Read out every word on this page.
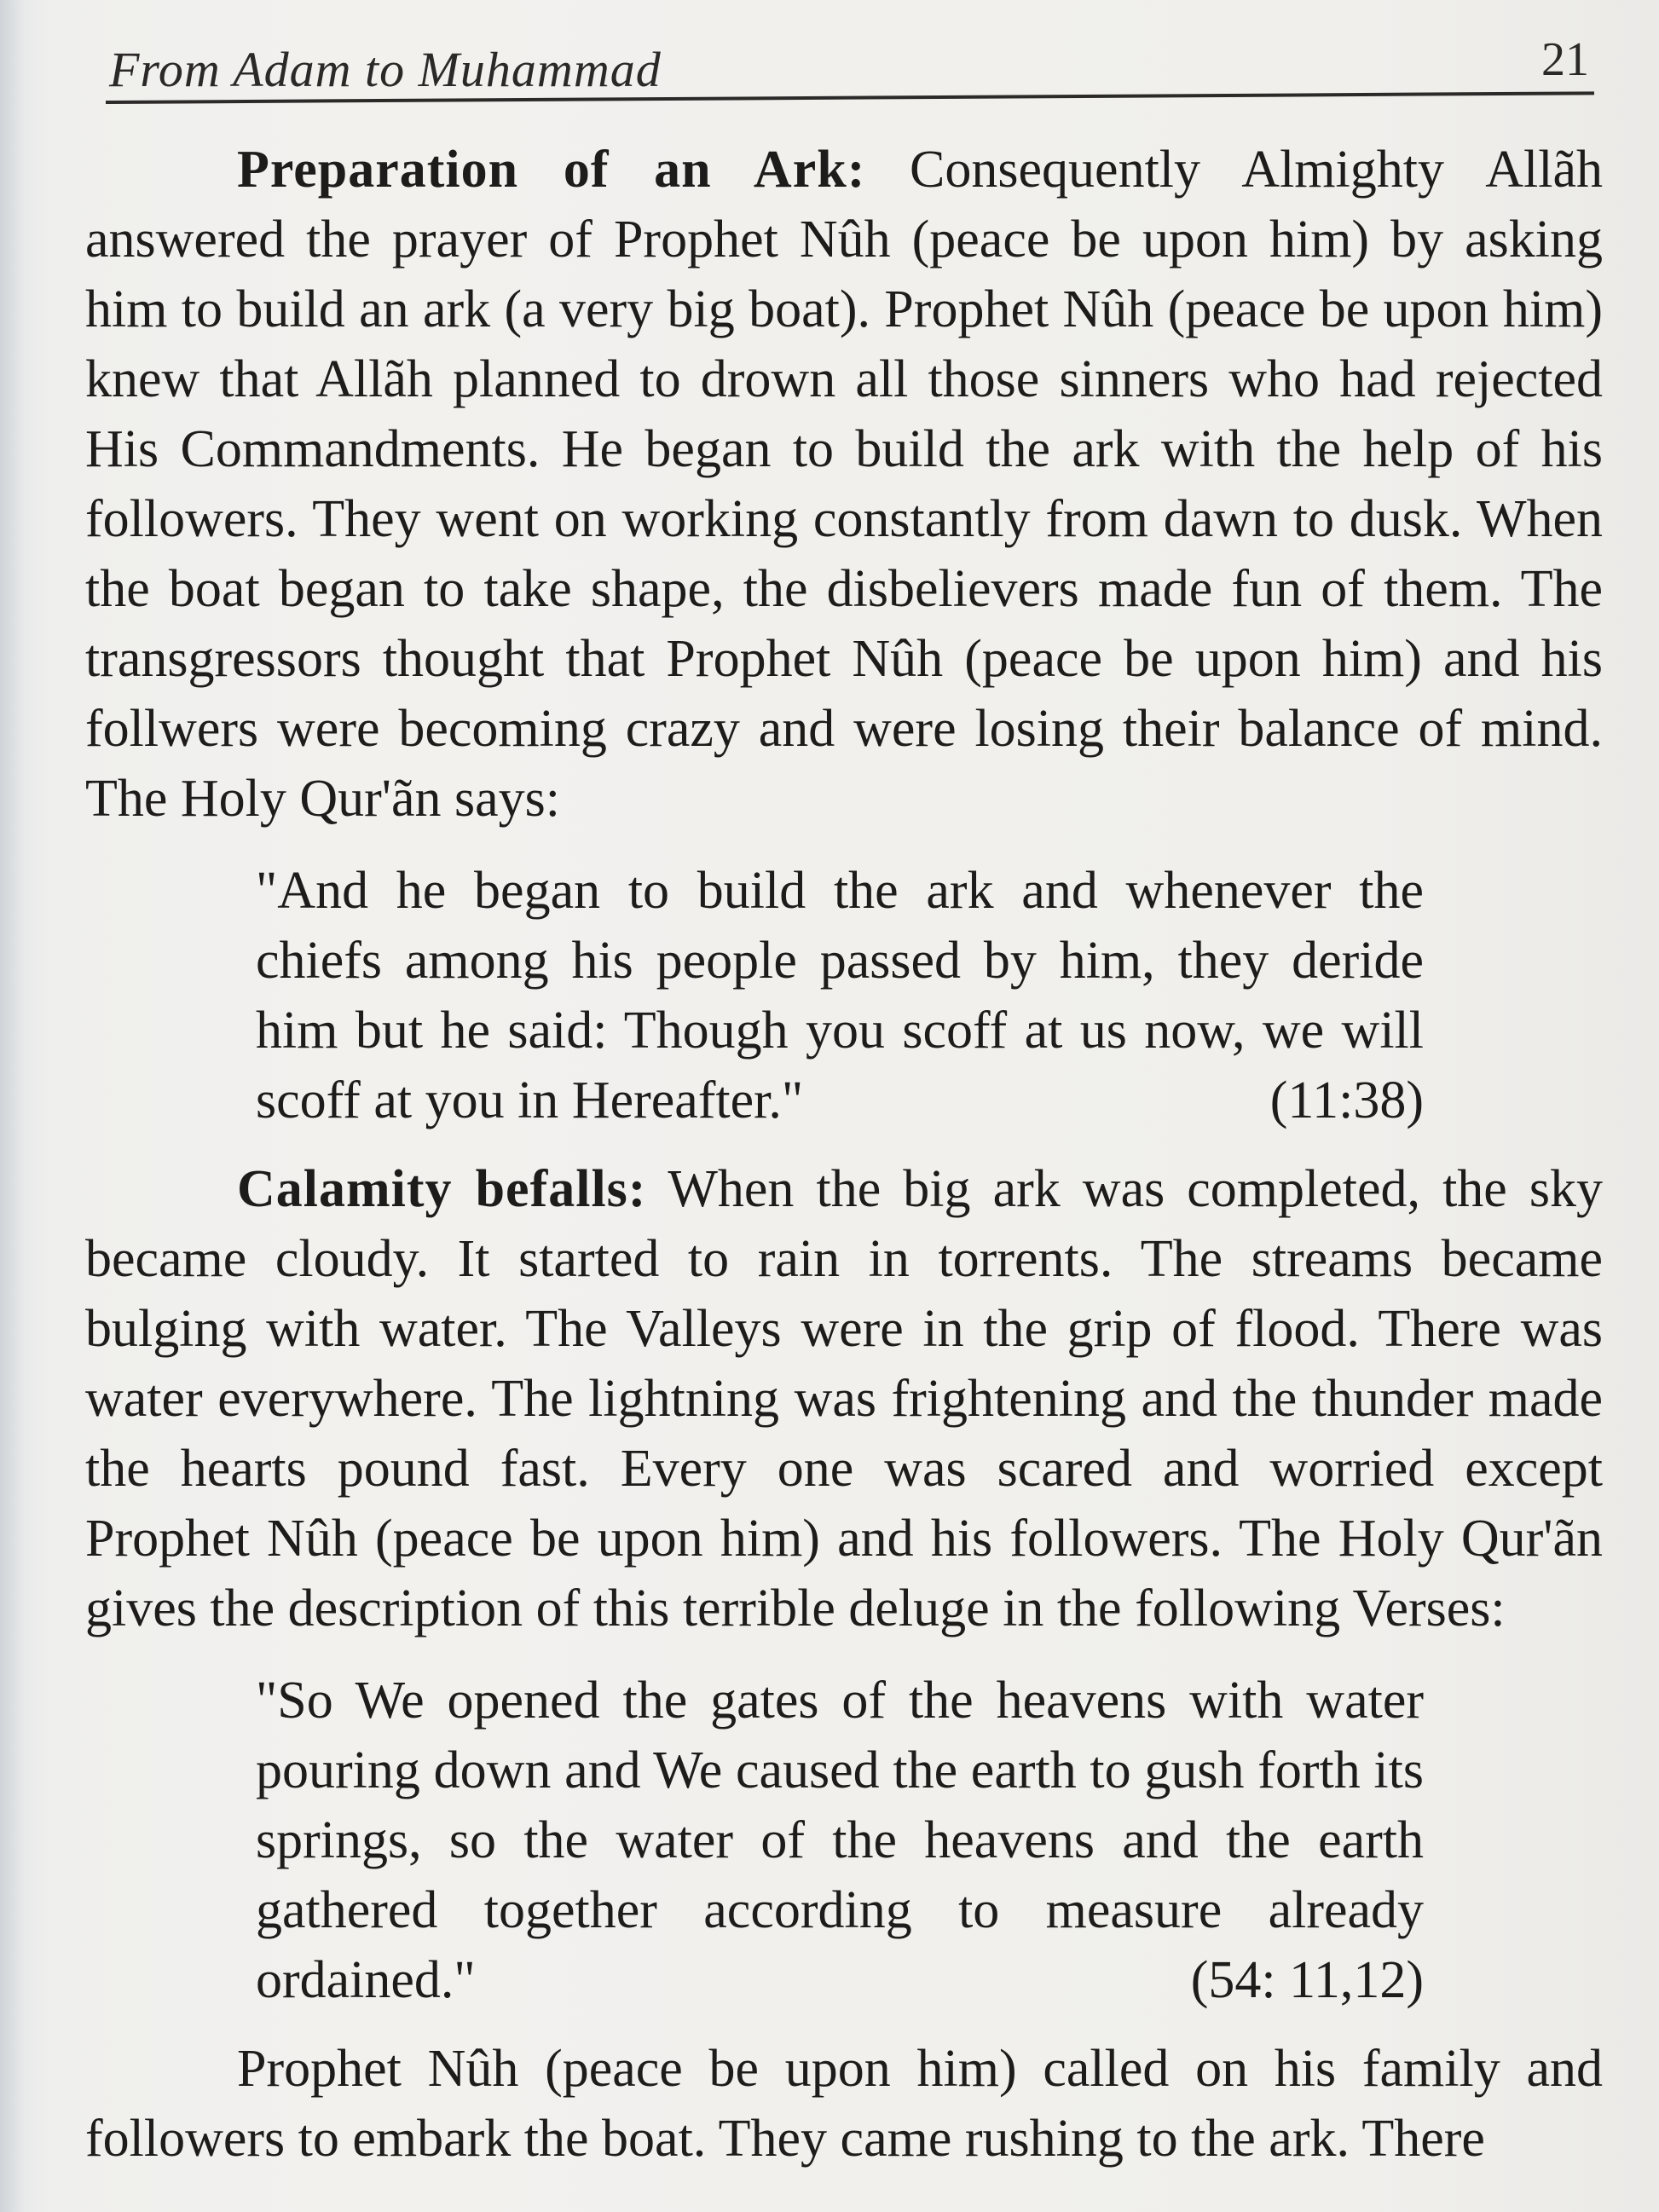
From Adam to Muhammad	21

Preparation of an Ark: Consequently Almighty Allãh answered the prayer of Prophet Nûh (peace be upon him) by asking him to build an ark (a very big boat). Prophet Nûh (peace be upon him) knew that Allãh planned to drown all those sinners who had rejected His Commandments. He began to build the ark with the help of his followers. They went on working constantly from dawn to dusk. When the boat began to take shape, the disbelievers made fun of them. The transgressors thought that Prophet Nûh (peace be upon him) and his follwers were becoming crazy and were losing their balance of mind. The Holy Qur'ãn says:

"And he began to build the ark and whenever the chiefs among his people passed by him, they deride him but he said: Though you scoff at us now, we will scoff at you in Hereafter."	(11:38)

Calamity befalls: When the big ark was completed, the sky became cloudy. It started to rain in torrents. The streams became bulging with water. The Valleys were in the grip of flood. There was water everywhere. The lightning was frightening and the thunder made the hearts pound fast. Every one was scared and worried except Prophet Nûh (peace be upon him) and his followers. The Holy Qur'ãn gives the description of this terrible deluge in the following Verses:

"So We opened the gates of the heavens with water pouring down and We caused the earth to gush forth its springs, so the water of the heavens and the earth gathered together according to measure already ordained."	(54: 11,12)

Prophet Nûh (peace be upon him) called on his family and followers to embark the boat. They came rushing to the ark. There
